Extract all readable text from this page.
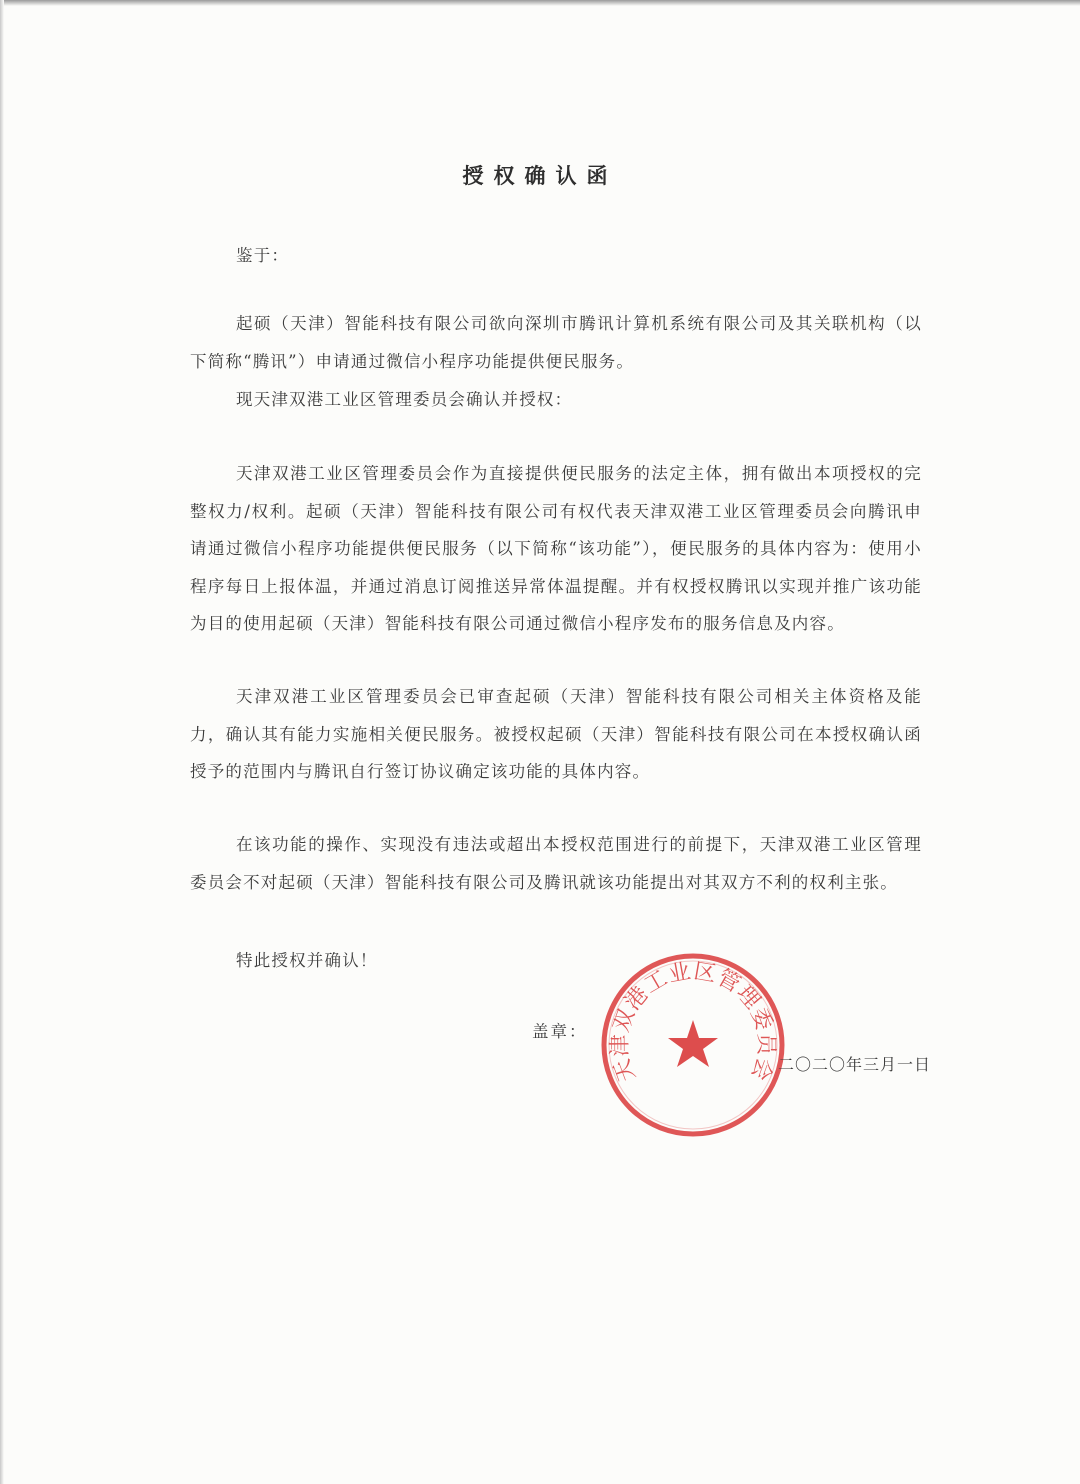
授权确认函
鉴于：
起硕（天津）智能科技有限公司欲向深圳市腾讯计算机系统有限公司及其关联机构（以下简称“腾讯”）申请通过微信小程序功能提供便民服务。
现天津双港工业区管理委员会确认并授权：
天津双港工业区管理委员会作为直接提供便民服务的法定主体，拥有做出本项授权的完整权力/权利。起硕（天津）智能科技有限公司有权代表天津双港工业区管理委员会向腾讯申请通过微信小程序功能提供便民服务（以下简称“该功能”），便民服务的具体内容为：使用小程序每日上报体温，并通过消息订阅推送异常体温提醒。并有权授权腾讯以实现并推广该功能为目的使用起硕（天津）智能科技有限公司通过微信小程序发布的服务信息及内容。
天津双港工业区管理委员会已审查起硕（天津）智能科技有限公司相关主体资格及能力，确认其有能力实施相关便民服务。被授权起硕（天津）智能科技有限公司在本授权确认函授予的范围内与腾讯自行签订协议确定该功能的具体内容。
在该功能的操作、实现没有违法或超出本授权范围进行的前提下，天津双港工业区管理委员会不对起硕（天津）智能科技有限公司及腾讯就该功能提出对其双方不利的权利主张。
特此授权并确认！
盖章：
天津双港工业区管理委员会 二〇二〇年三月一日
